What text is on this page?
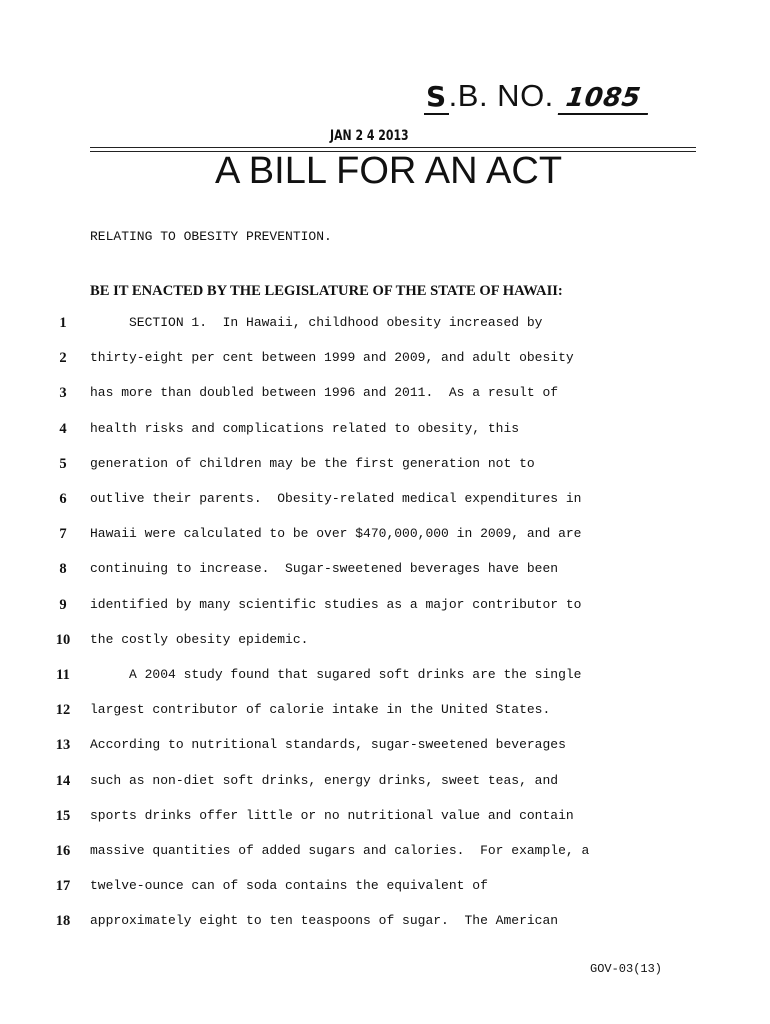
S.B. NO. 1085
JAN 2 4 2013
A BILL FOR AN ACT
RELATING TO OBESITY PREVENTION.
BE IT ENACTED BY THE LEGISLATURE OF THE STATE OF HAWAII:
1	SECTION 1.  In Hawaii, childhood obesity increased by
2	thirty-eight per cent between 1999 and 2009, and adult obesity
3	has more than doubled between 1996 and 2011.  As a result of
4	health risks and complications related to obesity, this
5	generation of children may be the first generation not to
6	outlive their parents.  Obesity-related medical expenditures in
7	Hawaii were calculated to be over $470,000,000 in 2009, and are
8	continuing to increase.  Sugar-sweetened beverages have been
9	identified by many scientific studies as a major contributor to
10	the costly obesity epidemic.
11	A 2004 study found that sugared soft drinks are the single
12	largest contributor of calorie intake in the United States.
13	According to nutritional standards, sugar-sweetened beverages
14	such as non-diet soft drinks, energy drinks, sweet teas, and
15	sports drinks offer little or no nutritional value and contain
16	massive quantities of added sugars and calories.  For example, a
17	twelve-ounce can of soda contains the equivalent of
18	approximately eight to ten teaspoons of sugar.  The American
GOV-03(13)
